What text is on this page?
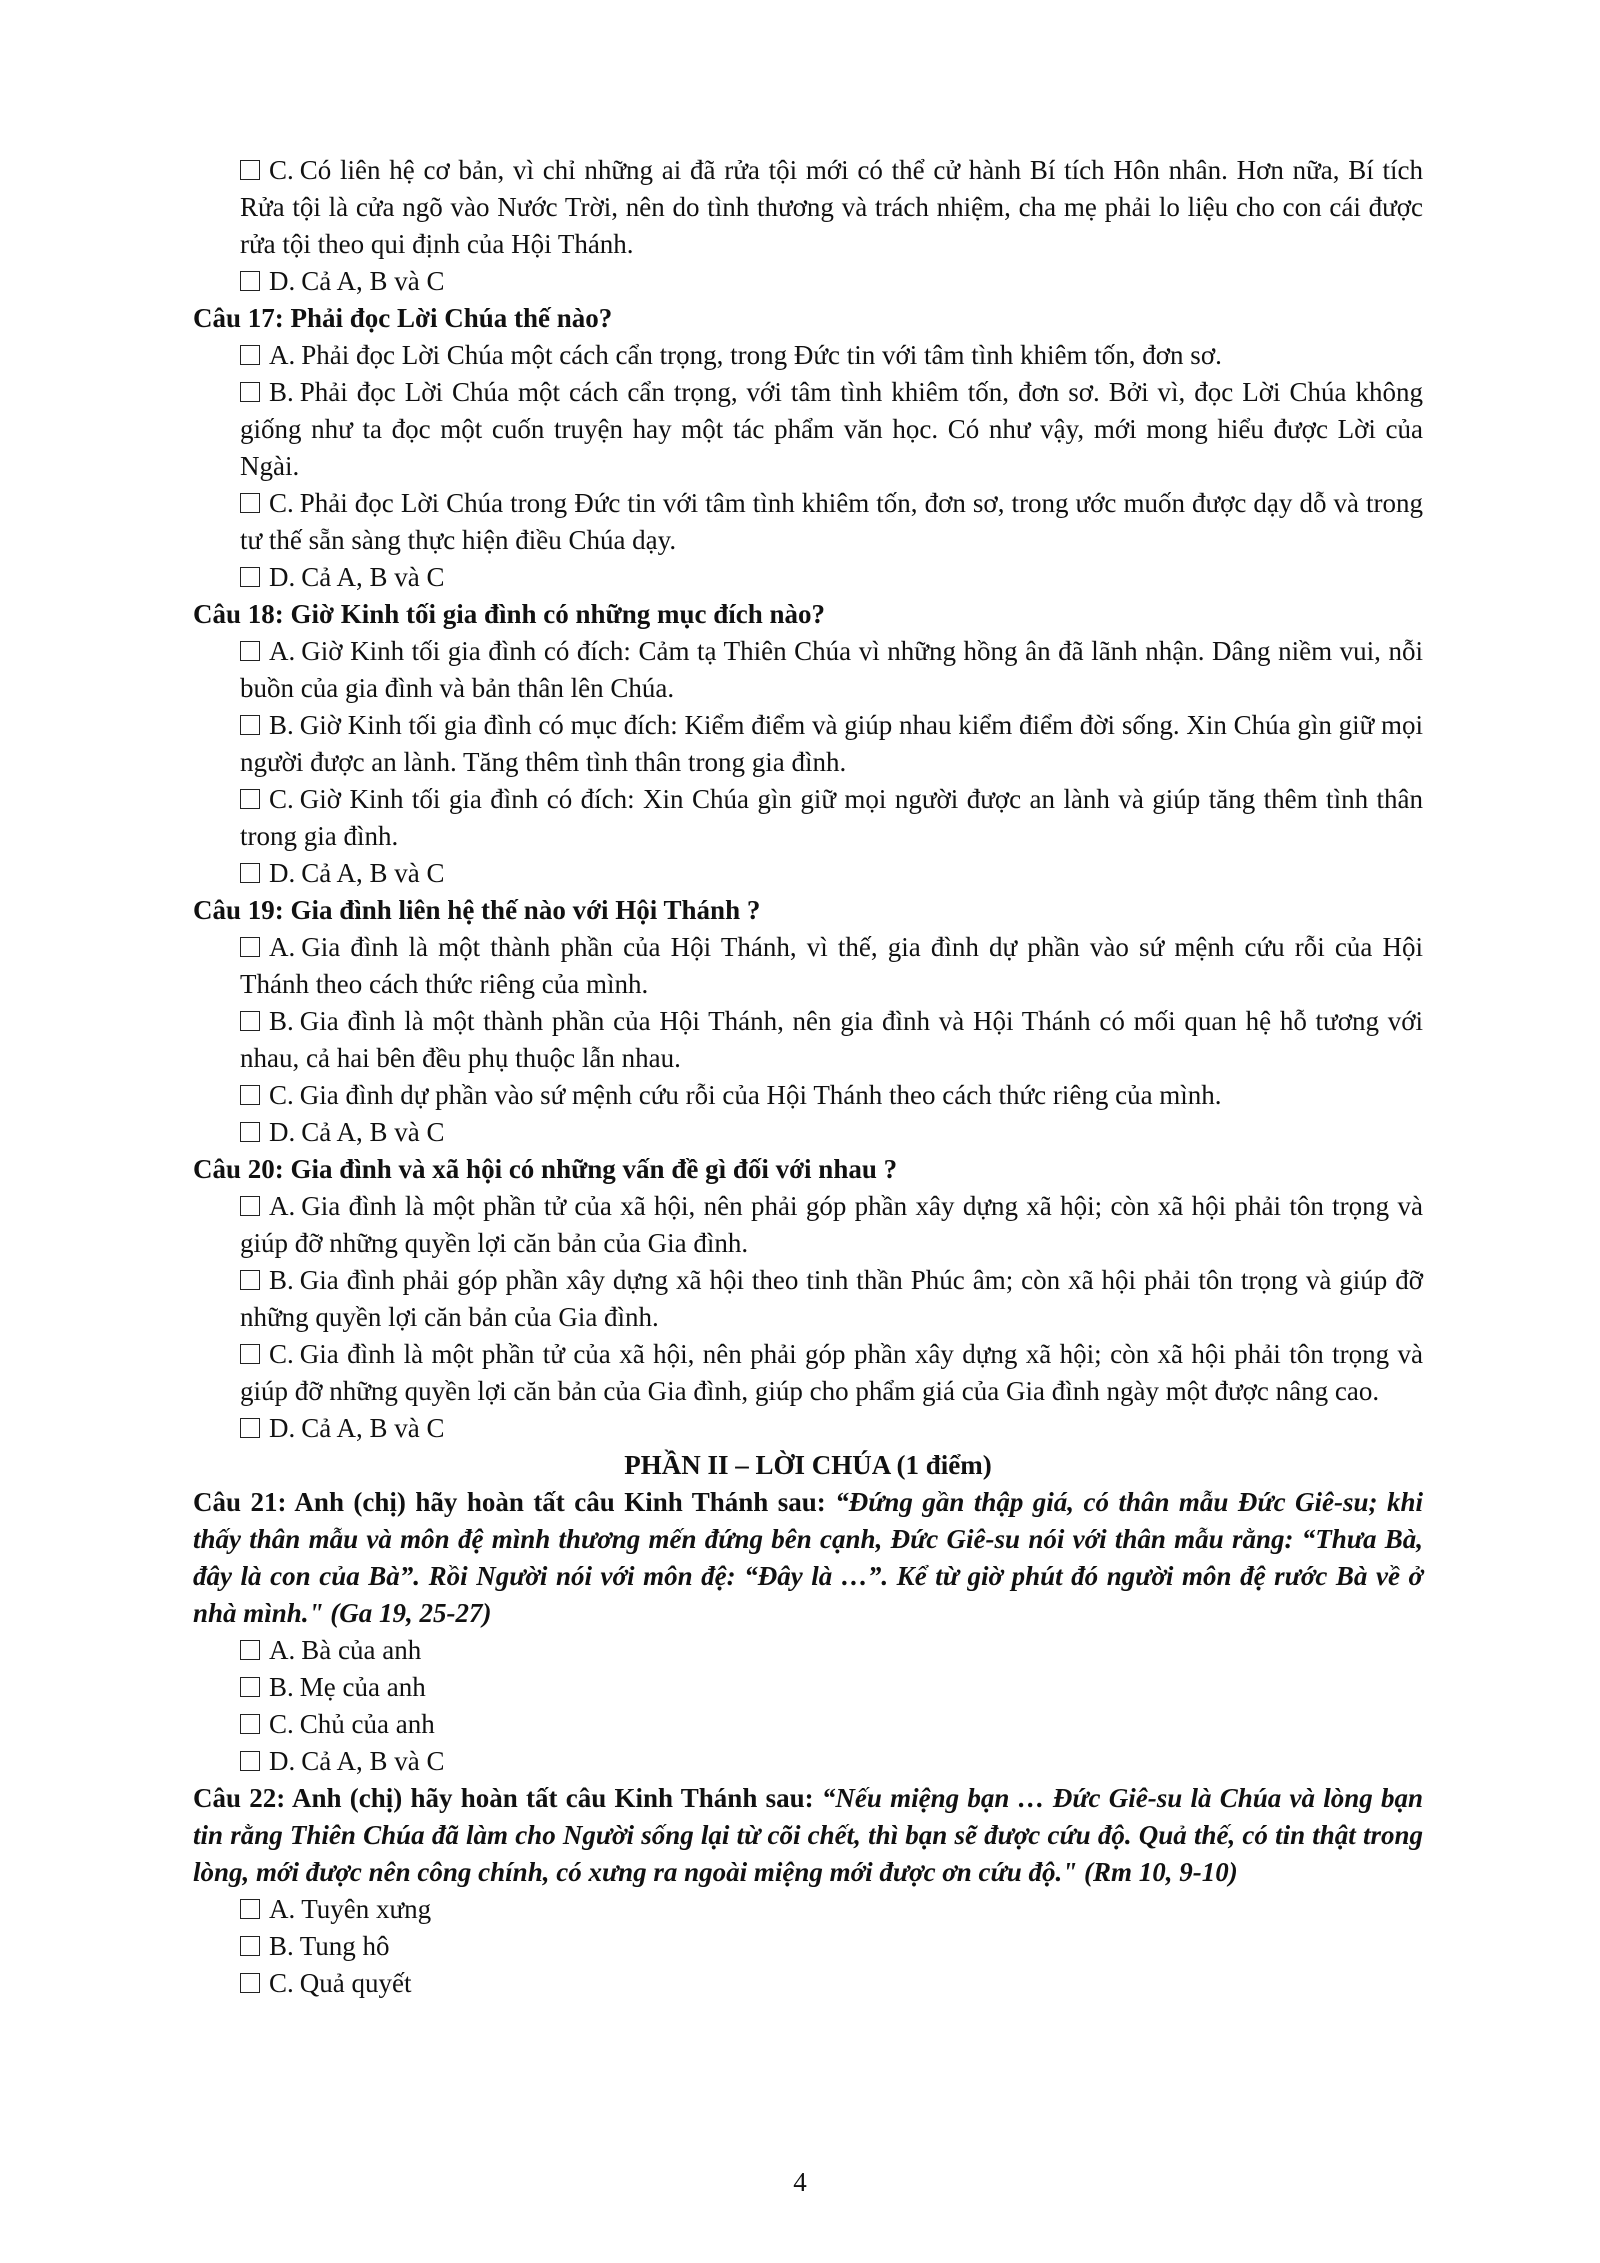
C. Có liên hệ cơ bản, vì chỉ những ai đã rửa tội mới có thể cử hành Bí tích Hôn nhân. Hơn nữa, Bí tích Rửa tội là cửa ngõ vào Nước Trời, nên do tình thương và trách nhiệm, cha mẹ phải lo liệu cho con cái được rửa tội theo qui định của Hội Thánh.
D. Cả A, B và C

Câu 17: Phải đọc Lời Chúa thế nào?

A. Phải đọc Lời Chúa một cách cẩn trọng, trong Đức tin với tâm tình khiêm tốn, đơn sơ.
B. Phải đọc Lời Chúa một cách cẩn trọng, với tâm tình khiêm tốn, đơn sơ. Bởi vì, đọc Lời Chúa không giống như ta đọc một cuốn truyện hay một tác phẩm văn học. Có như vậy, mới mong hiểu được Lời của Ngài.
C. Phải đọc Lời Chúa trong Đức tin với tâm tình khiêm tốn, đơn sơ, trong ước muốn được dạy dỗ và trong tư thế sẵn sàng thực hiện điều Chúa dạy.
D. Cả A, B và C

Câu 18: Giờ Kinh tối gia đình có những mục đích nào?

A. Giờ Kinh tối gia đình có đích: Cảm tạ Thiên Chúa vì những hồng ân đã lãnh nhận. Dâng niềm vui, nỗi buồn của gia đình và bản thân lên Chúa.
B. Giờ Kinh tối gia đình có mục đích: Kiểm điểm và giúp nhau kiểm điểm đời sống. Xin Chúa gìn giữ mọi người được an lành. Tăng thêm tình thân trong gia đình.
C. Giờ Kinh tối gia đình có đích: Xin Chúa gìn giữ mọi người được an lành và giúp tăng thêm tình thân trong gia đình.
D. Cả A, B và C

Câu 19: Gia đình liên hệ thế nào với Hội Thánh ?

A. Gia đình là một thành phần của Hội Thánh, vì thế, gia đình dự phần vào sứ mệnh cứu rỗi của Hội Thánh theo cách thức riêng của mình.
B. Gia đình là một thành phần của Hội Thánh, nên gia đình và Hội Thánh có mối quan hệ hỗ tương với nhau, cả hai bên đều phụ thuộc lẫn nhau.
C. Gia đình dự phần vào sứ mệnh cứu rỗi của Hội Thánh theo cách thức riêng của mình.
D. Cả A, B và C

Câu 20: Gia đình và xã hội có những vấn đề gì đối với nhau ?

A. Gia đình là một phần tử của xã hội, nên phải góp phần xây dựng xã hội; còn xã hội phải tôn trọng và giúp đỡ những quyền lợi căn bản của Gia đình.
B. Gia đình phải góp phần xây dựng xã hội theo tinh thần Phúc âm; còn xã hội phải tôn trọng và giúp đỡ những quyền lợi căn bản của Gia đình.
C. Gia đình là một phần tử của xã hội, nên phải góp phần xây dựng xã hội; còn xã hội phải tôn trọng và giúp đỡ những quyền lợi căn bản của Gia đình, giúp cho phẩm giá của Gia đình ngày một được nâng cao.
D. Cả A, B và C

PHẦN II – LỜI CHÚA (1 điểm)

Câu 21: Anh (chị) hãy hoàn tất câu Kinh Thánh sau: “Đứng gần thập giá, có thân mẫu Đức Giê-su; khi thấy thân mẫu và môn đệ mình thương mến đứng bên cạnh, Đức Giê-su nói với thân mẫu rằng: “Thưa Bà, đây là con của Bà”. Rồi Người nói với môn đệ: “Đây là …”. Kể từ giờ phút đó người môn đệ rước Bà về ở nhà mình." (Ga 19, 25-27)

A. Bà của anh
B. Mẹ của anh
C. Chủ của anh
D. Cả A, B và C

Câu 22: Anh (chị) hãy hoàn tất câu Kinh Thánh sau: “Nếu miệng bạn … Đức Giê-su là Chúa và lòng bạn tin rằng Thiên Chúa đã làm cho Người sống lại từ cõi chết, thì bạn sẽ được cứu độ. Quả thế, có tin thật trong lòng, mới được nên công chính, có xưng ra ngoài miệng mới được ơn cứu độ." (Rm 10, 9-10)

A. Tuyên xưng
B. Tung hô
C. Quả quyết
4
